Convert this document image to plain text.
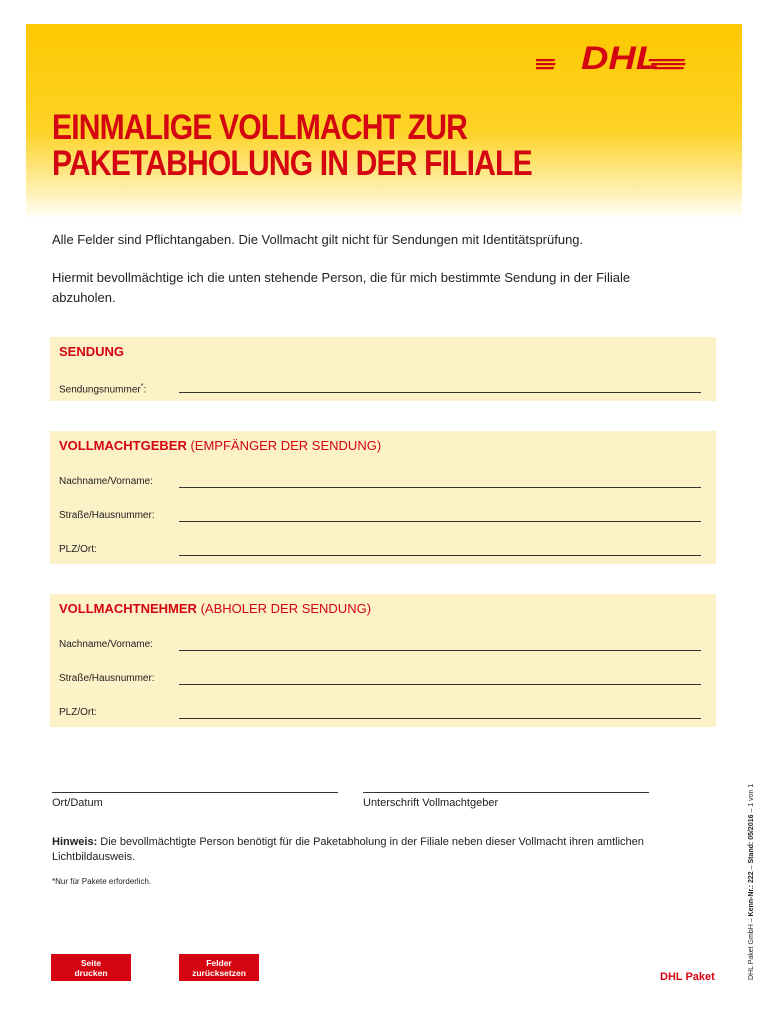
DHL
EINMALIGE VOLLMACHT ZUR
PAKETABHOLUNG IN DER FILIALE

Alle Felder sind Pflichtangaben. Die Vollmacht gilt nicht für Sendungen mit Identitätsprüfung.

Hiermit bevollmächtige ich die unten stehende Person, die für mich bestimmte Sendung in der Filiale abzuholen.

SENDUNG

Sendungsnummer*:

VOLLMACHTGEBER (EMPFÄNGER DER SENDUNG)

Nachname/Vorname:
Straße/Hausnummer:
PLZ/Ort:

VOLLMACHTNEHMER (ABHOLER DER SENDUNG)

Nachname/Vorname:
Straße/Hausnummer:
PLZ/Ort:
Ort/Datum	Unterschrift Vollmachtgeber

Hinweis: Die bevollmächtigte Person benötigt für die Paketabholung in der Filiale neben dieser Vollmacht ihren amtlichen Lichtbildausweis.

*Nur für Pakete erforderlich.

Seite
drucken
Felder
zurücksetzen	DHL Paket	DHL Paket GmbH – Kenn-Nr.: 222 – Stand: 05/2016 – 1 von 1
